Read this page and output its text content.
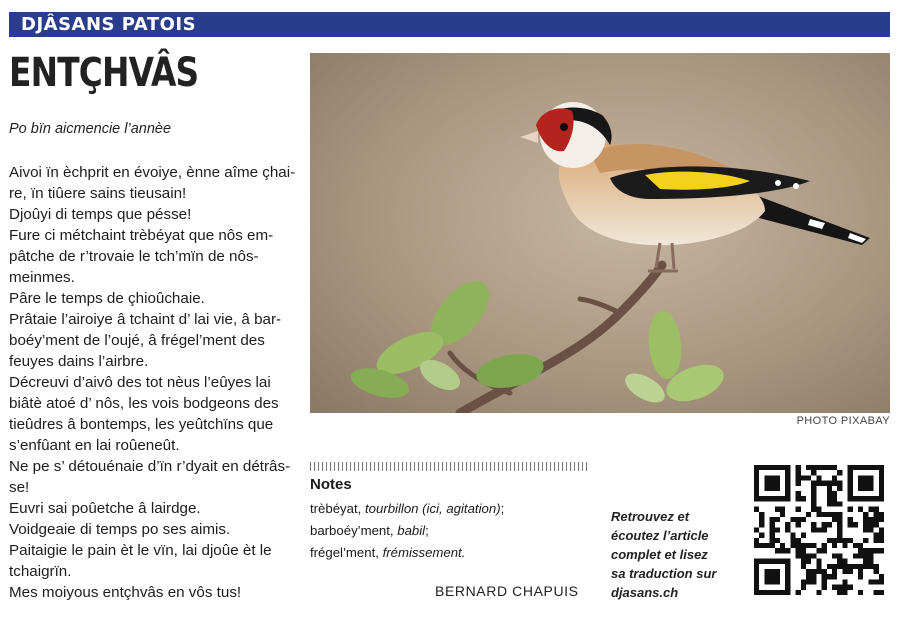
DJÂSANS PATOIS
ENTÇHVÂS
Po bïn aicmencie l’annèe
Aivoi ïn èchprit en évoiye, ènne aîme çhai-
re, ïn tiûere sains tieusain!
Djoûyi di temps que pésse!
Fure ci métchaint trèbéyat que nôs em-
pâtche de r’trovaie le tch’mïn de nôs-
meinmes.
Pâre le temps de çhioûchaie.
Prâtaie l’airoiye â tchaint d’ lai vie, â bar-
boéy’ment de l’oujé, â frégel’ment des
feuyes dains l’airbre.
Décreuvi d’aivô des tot nèus l’eûyes lai
biâtè atoé d’ nôs, les vois bodgeons des
tieûdres â bontemps, les yeûtchïns que
s’enfûant en lai roûeneût.
Ne pe s’ détouénaie d’ïn r’dyait en détrâs-
se!
Euvri sai poûetche â lairdge.
Voidgeaie di temps po ses aimis.
Paitaigie le pain èt le vïn, lai djoûe èt le
tchaigrïn.
Mes moiyous entçhvâs en vôs tus!
PHOTO PIXABAY
Notes
trèbéyat, tourbillon (ici, agitation);
barboéy’ment, babil;
frégel’ment, frémissement.
BERNARD CHAPUIS
Retrouvez et
écoutez l’article
complet et lisez
sa traduction sur
djasans.ch
